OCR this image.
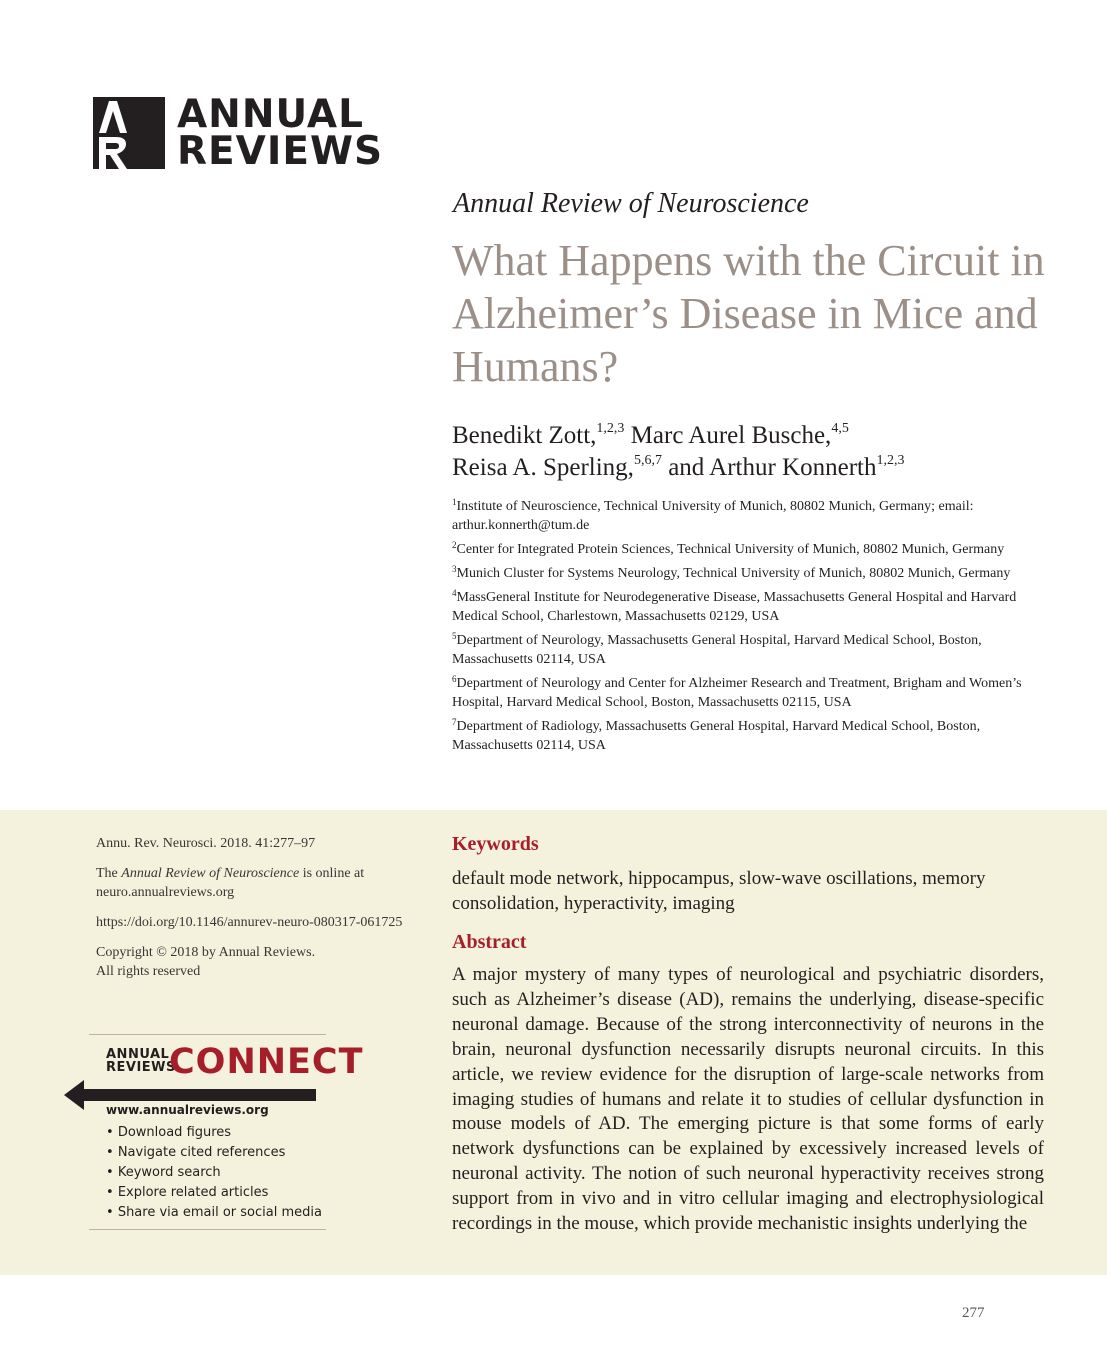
ANNUAL
REVIEWS
Annual Review of Neuroscience
What Happens with the Circuit in Alzheimer’s Disease in Mice and Humans?
Benedikt Zott,$^{1,2,3}$ Marc Aurel Busche,$^{4,5}$
Reisa A. Sperling,$^{5,6,7}$ and Arthur Konnerth$^{1,2,3}$
$^1$Institute of Neuroscience, Technical University of Munich, 80802 Munich, Germany; email: arthur.konnerth@tum.de
$^2$Center for Integrated Protein Sciences, Technical University of Munich, 80802 Munich, Germany
$^3$Munich Cluster for Systems Neurology, Technical University of Munich, 80802 Munich, Germany
$^4$MassGeneral Institute for Neurodegenerative Disease, Massachusetts General Hospital and Harvard Medical School, Charlestown, Massachusetts 02129, USA
$^5$Department of Neurology, Massachusetts General Hospital, Harvard Medical School, Boston, Massachusetts 02114, USA
$^6$Department of Neurology and Center for Alzheimer Research and Treatment, Brigham and Women’s Hospital, Harvard Medical School, Boston, Massachusetts 02115, USA
$^7$Department of Radiology, Massachusetts General Hospital, Harvard Medical School, Boston, Massachusetts 02114, USA

Annu. Rev. Neurosci. 2018. 41:277–97

The Annual Review of Neuroscience is online at neuro.annualreviews.org

https://doi.org/10.1146/annurev-neuro-080317-061725

Copyright © 2018 by Annual Reviews.
All rights reserved

ANNUAL
REVIEWS
CONNECT
www.annualreviews.org
• Download figures
• Navigate cited references
• Keyword search
• Explore related articles
• Share via email or social media
Keywords

default mode network, hippocampus, slow-wave oscillations, memory consolidation, hyperactivity, imaging

Abstract

A major mystery of many types of neurological and psychiatric disorders, such as Alzheimer’s disease (AD), remains the underlying, disease-specific neuronal damage. Because of the strong interconnectivity of neurons in the brain, neuronal dysfunction necessarily disrupts neuronal circuits. In this article, we review evidence for the disruption of large-scale networks from imaging studies of humans and relate it to studies of cellular dysfunction in mouse models of AD. The emerging picture is that some forms of early network dysfunctions can be explained by excessively increased levels of neuronal activity. The notion of such neuronal hyperactivity receives strong support from in vivo and in vitro cellular imaging and electrophysiological recordings in the mouse, which provide mechanistic insights underlying the

277
